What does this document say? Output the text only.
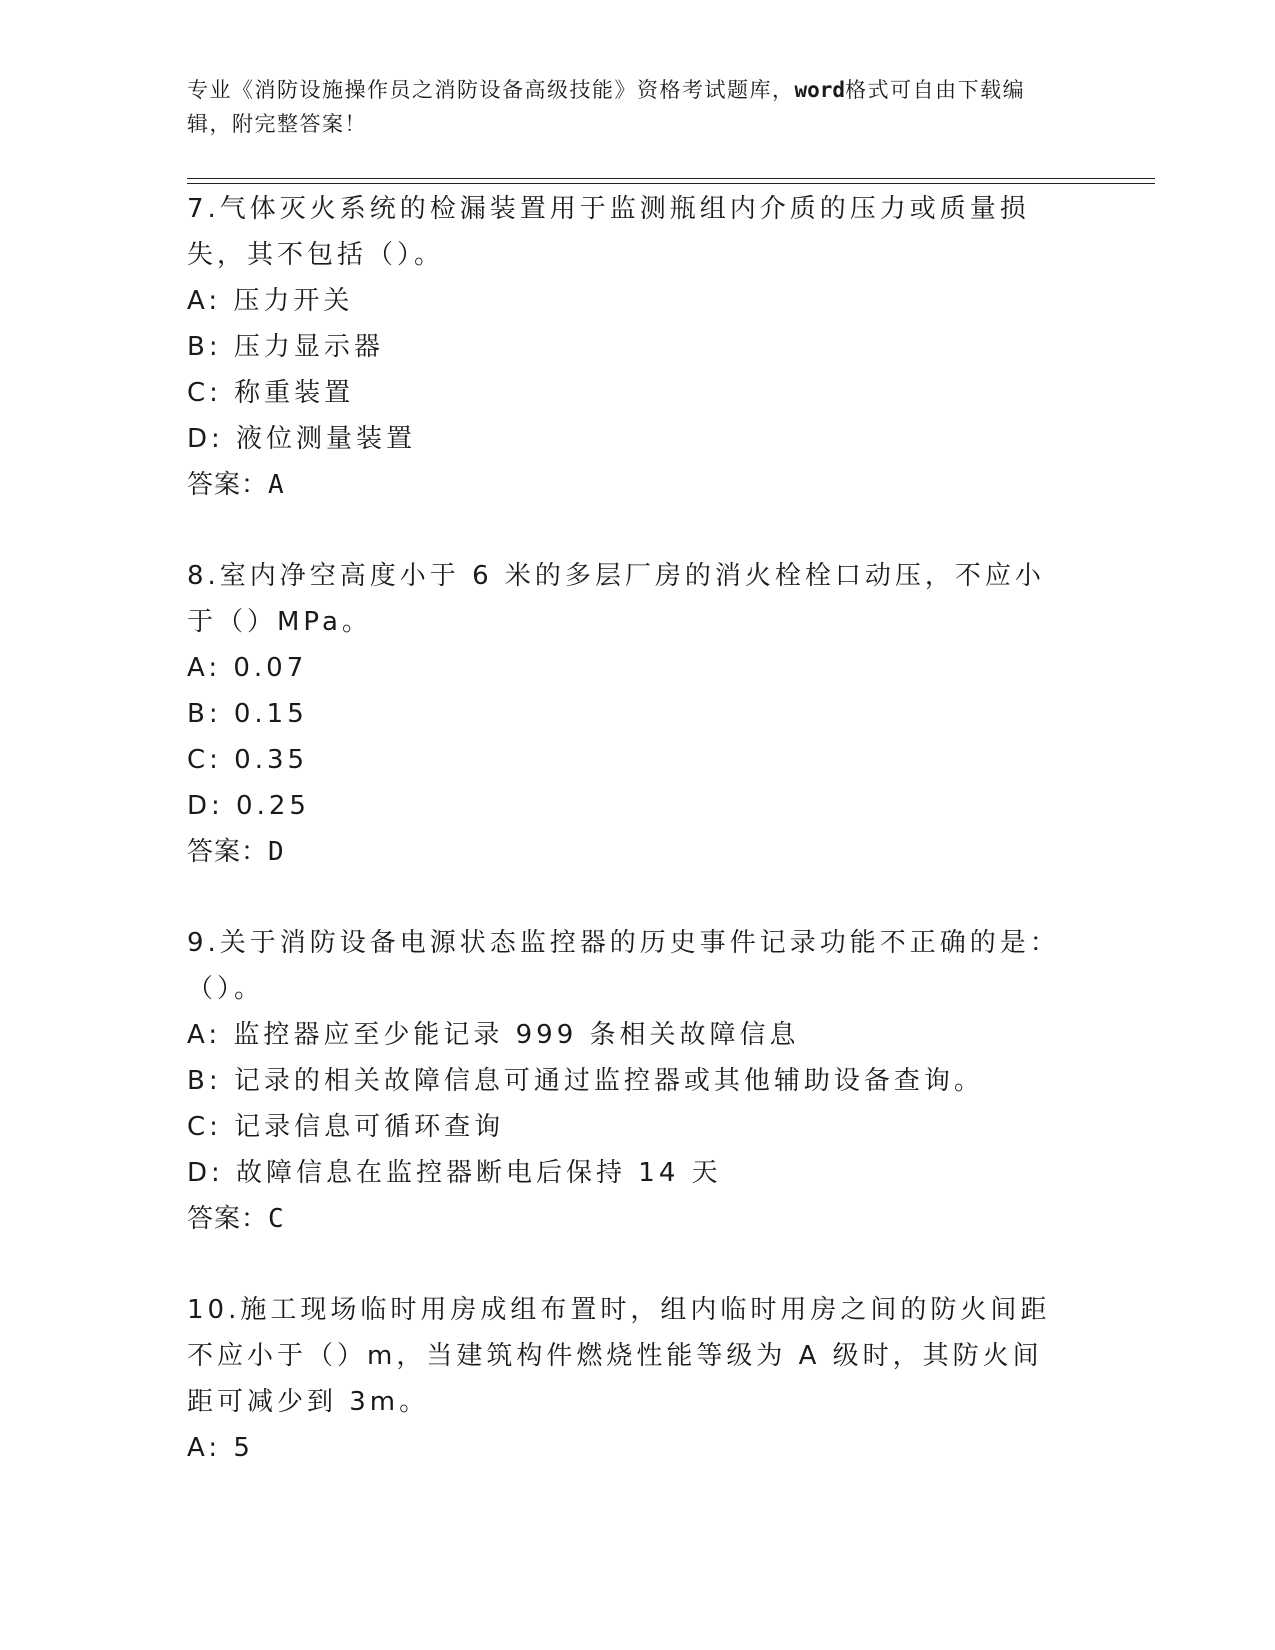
专业《消防设施操作员之消防设备高级技能》资格考试题库，word格式可自由下载编辑，附完整答案！
7.气体灭火系统的检漏装置用于监测瓶组内介质的压力或质量损失，其不包括（）。
A: 压力开关
B: 压力显示器
C: 称重装置
D: 液位测量装置
答案：A
8.室内净空高度小于 6 米的多层厂房的消火栓栓口动压，不应小于（）MPa。
A: 0.07
B: 0.15
C: 0.35
D: 0.25
答案：D
9.关于消防设备电源状态监控器的历史事件记录功能不正确的是：（）。
A: 监控器应至少能记录 999 条相关故障信息
B: 记录的相关故障信息可通过监控器或其他辅助设备查询。
C: 记录信息可循环查询
D: 故障信息在监控器断电后保持 14 天
答案：C
10.施工现场临时用房成组布置时，组内临时用房之间的防火间距不应小于（）m，当建筑构件燃烧性能等级为 A 级时，其防火间距可减少到 3m。
A: 5
